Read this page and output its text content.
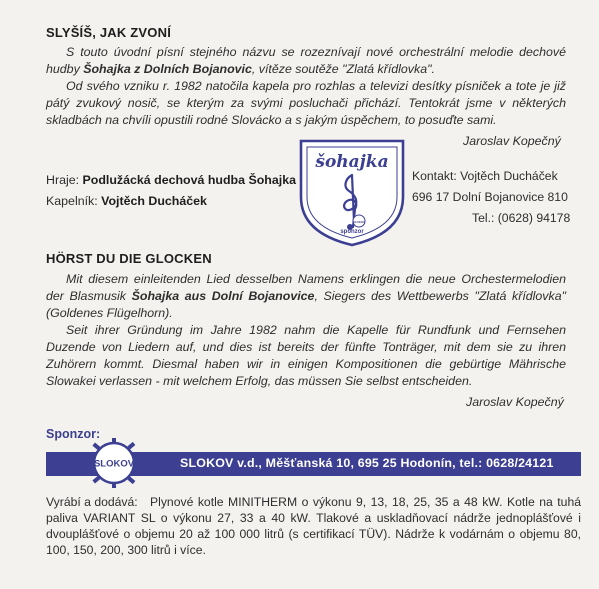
SLYŠÍŠ, JAK ZVONÍ

S touto úvodní písní stejného názvu se rozeznívají nové orchestrální melodie dechové hudby Šohajka z Dolních Bojanovic, vítěze soutěže "Zlatá křídlovka".

Od svého vzniku r. 1982 natočila kapela pro rozhlas a televizi desítky písniček a tote je již pátý zvukový nosič, se kterým za svými posluchači přichází. Tentokrát jsme v některých skladbách na chvíli opustili rodné Slovácko a s jakým úspěchem, to posuďte sami.

Jaroslav Kopečný
Hraje: Podlužácká dechová hudba Šohajka
Kapelník: Vojtěch Ducháček
šohajka
sponzor
SLOKOV
Kontakt: Vojtěch Ducháček
696 17 Dolní Bojanovice 810
Tel.: (0628) 94178
HÖRST DU DIE GLOCKEN

Mit diesem einleitenden Lied desselben Namens erklingen die neue Orchestermelodien der Blasmusik Šohajka aus Dolní Bojanovice, Siegers des Wettbewerbs "Zlatá křídlovka" (Goldenes Flügelhorn).

Seit ihrer Gründung im Jahre 1982 nahm die Kapelle für Rundfunk und Fernsehen Duzende von Liedern auf, und dies ist bereits der fünfte Tonträger, mit dem sie zu ihren Zuhörern kommt. Diesmal haben wir in einigen Kompositionen die gebürtige Mährische Slowakei verlassen - mit welchem Erfolg, das müssen Sie selbst entscheiden.

Jaroslav Kopečný
Sponzor:
SLOKOV v.d., Měšťanská 10, 695 25 Hodonín, tel.: 0628/24121
SLOKOV
Vyrábí a dodává:	Plynové kotle MINITHERM o výkonu 9, 13, 18, 25, 35 a 48 kW. Kotle na tuhá paliva VARIANT SL o výkonu 27, 33 a 40 kW. Tlakové a uskladňovací nádrže jednoplášťové i dvouplášťové o objemu 20 až 100 000 litrů (s certifikací TÜV). Nádrže k vodárnám o objemu 80, 100, 150, 200, 300 litrů i více.
